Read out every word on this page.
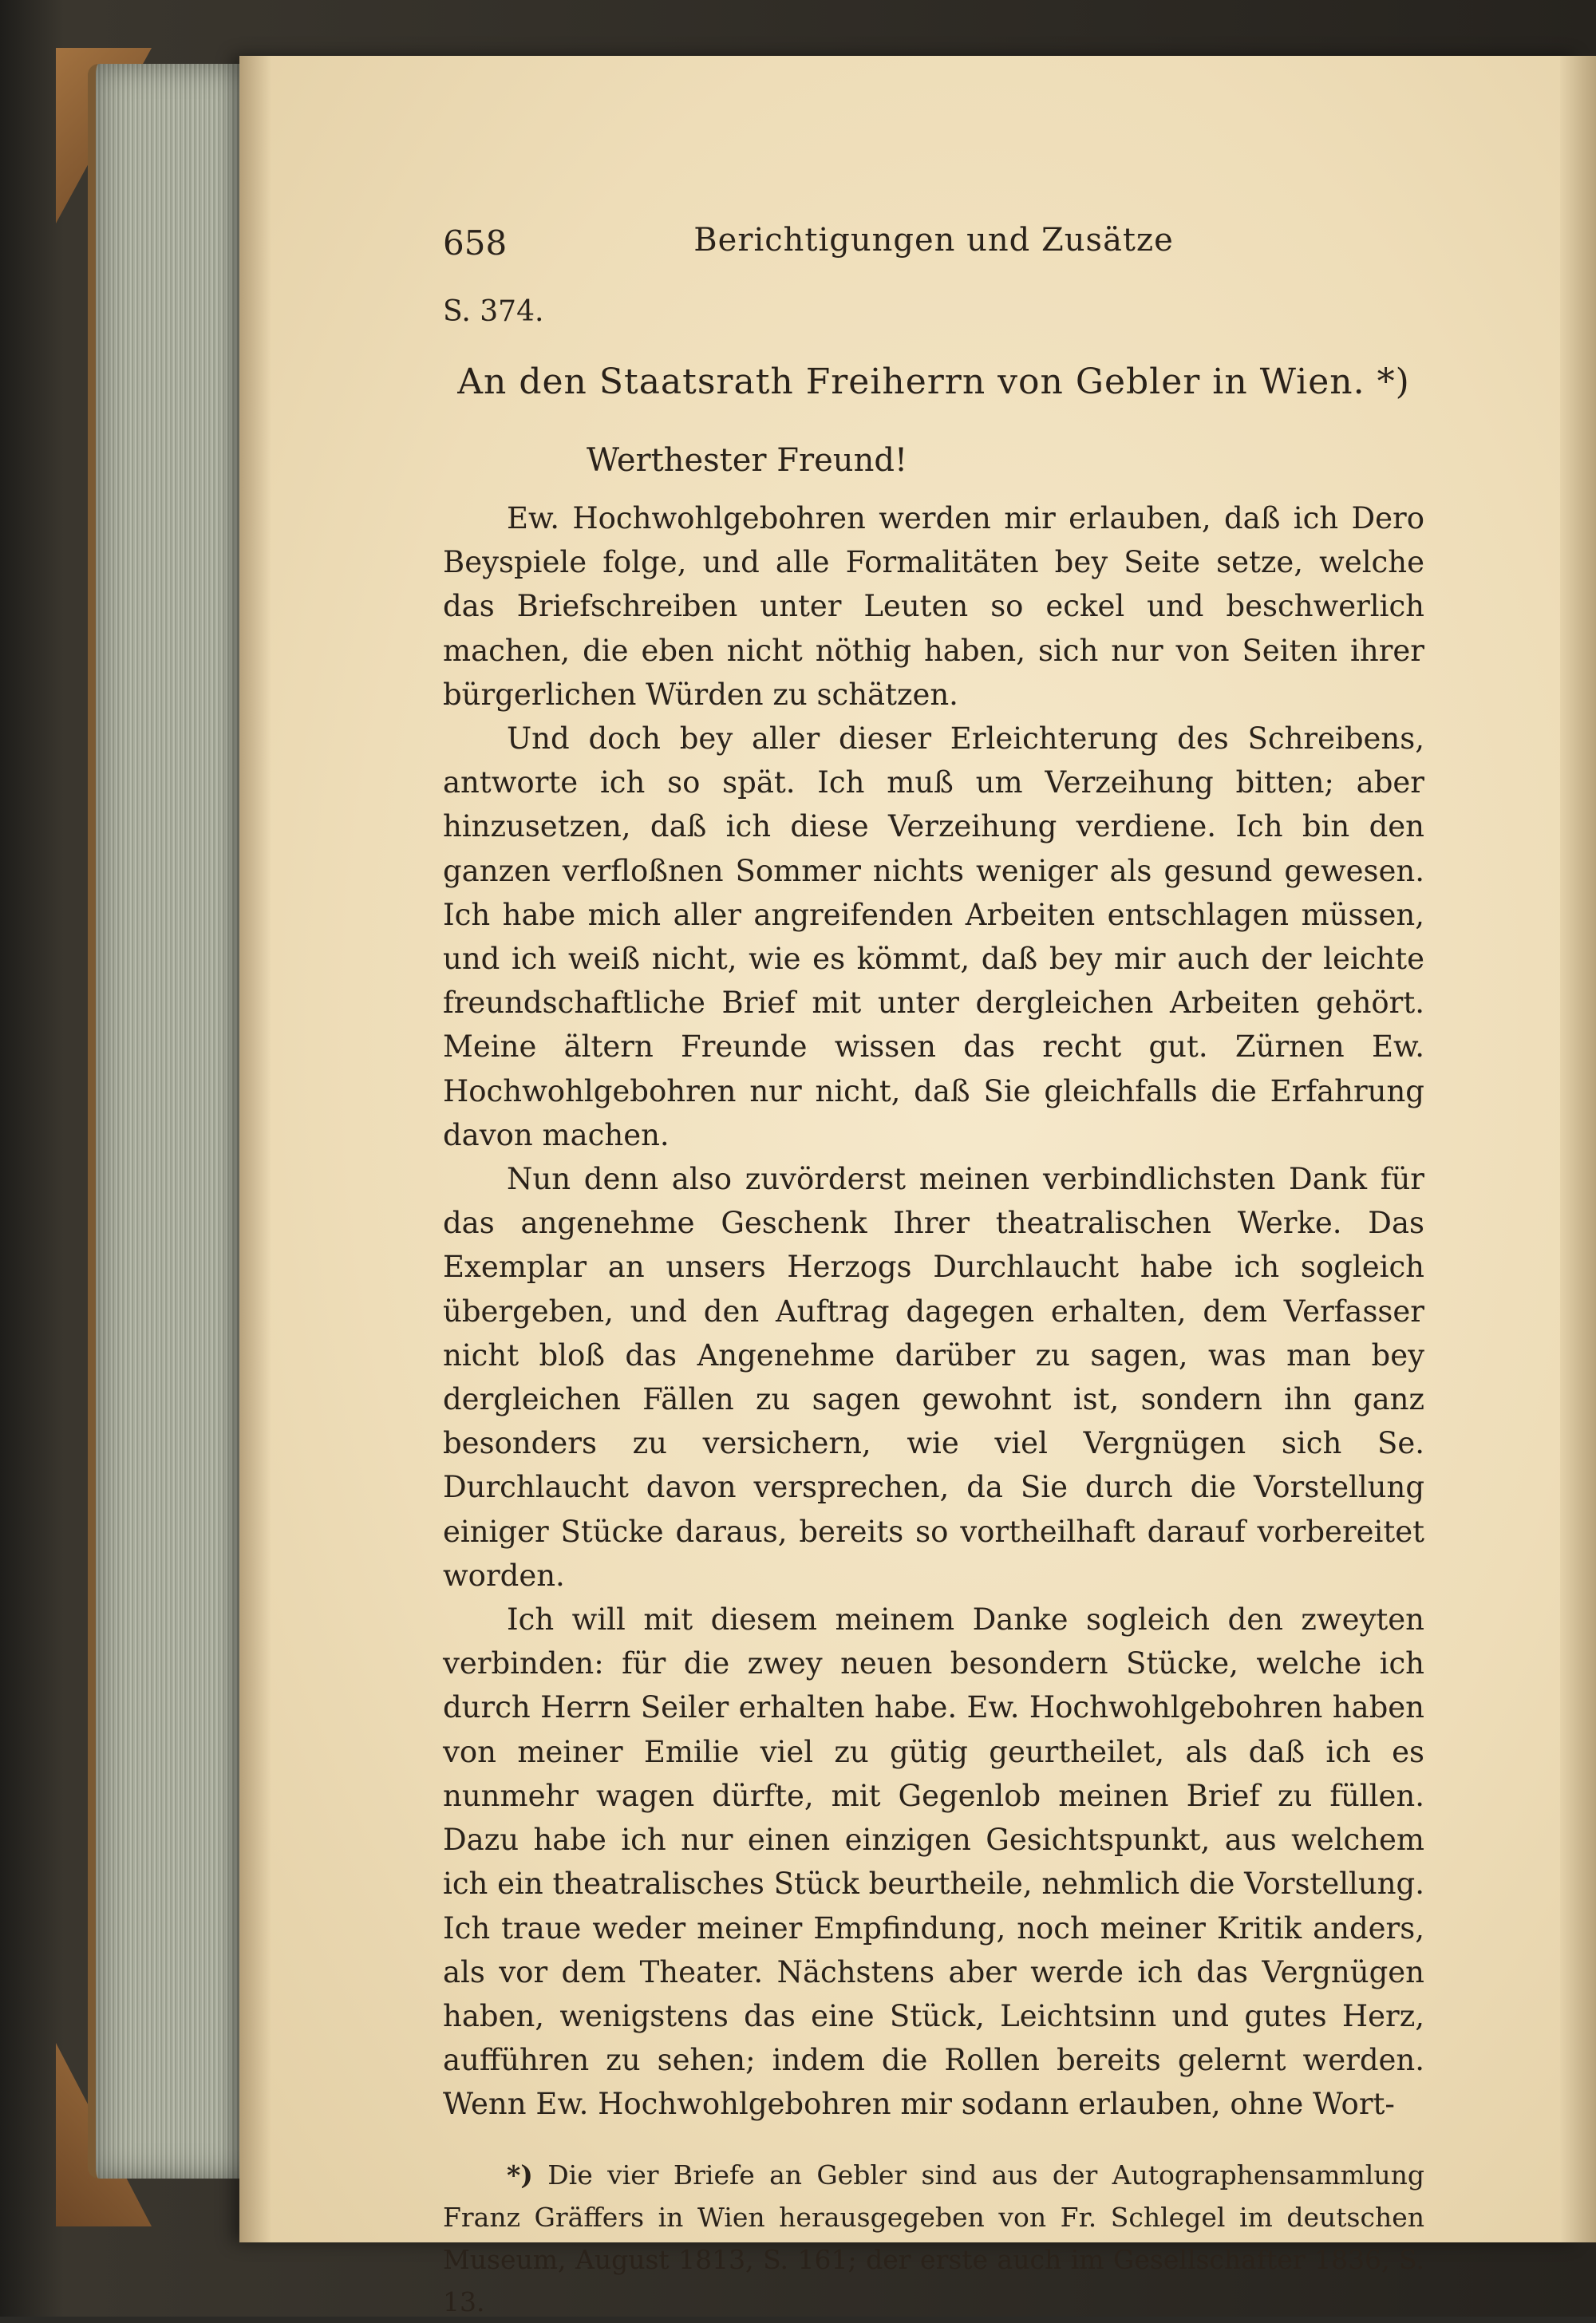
658	Berichtigungen und Zusätze
S. 374.
An den Staatsrath Freiherrn von Gebler in Wien. *)
Werthester Freund!

Ew. Hochwohlgebohren werden mir erlauben, daß ich Dero Beyspiele folge, und alle Formalitäten bey Seite setze, welche das Briefschreiben unter Leuten so eckel und beschwerlich machen, die eben nicht nöthig haben, sich nur von Seiten ihrer bürgerlichen Würden zu schätzen.

Und doch bey aller dieser Erleichterung des Schreibens, antworte ich so spät. Ich muß um Verzeihung bitten; aber hinzusetzen, daß ich diese Verzeihung verdiene. Ich bin den ganzen verfloßnen Sommer nichts weniger als gesund gewesen. Ich habe mich aller angreifenden Arbeiten entschlagen müssen, und ich weiß nicht, wie es kömmt, daß bey mir auch der leichte freundschaftliche Brief mit unter dergleichen Arbeiten gehört. Meine ältern Freunde wissen das recht gut. Zürnen Ew. Hochwohlgebohren nur nicht, daß Sie gleichfalls die Erfahrung davon machen.

Nun denn also zuvörderst meinen verbindlichsten Dank für das angenehme Geschenk Ihrer theatralischen Werke. Das Exemplar an unsers Herzogs Durchlaucht habe ich sogleich übergeben, und den Auftrag dagegen erhalten, dem Verfasser nicht bloß das Angenehme darüber zu sagen, was man bey dergleichen Fällen zu sagen gewohnt ist, sondern ihn ganz besonders zu versichern, wie viel Vergnügen sich Se. Durchlaucht davon versprechen, da Sie durch die Vorstellung einiger Stücke daraus, bereits so vortheilhaft darauf vorbereitet worden.

Ich will mit diesem meinem Danke sogleich den zweyten verbinden: für die zwey neuen besondern Stücke, welche ich durch Herrn Seiler erhalten habe. Ew. Hochwohlgebohren haben von meiner Emilie viel zu gütig geurtheilet, als daß ich es nunmehr wagen dürfte, mit Gegenlob meinen Brief zu füllen. Dazu habe ich nur einen einzigen Gesichtspunkt, aus welchem ich ein theatralisches Stück beurtheile, nehmlich die Vorstellung. Ich traue weder meiner Empfindung, noch meiner Kritik anders, als vor dem Theater. Nächstens aber werde ich das Vergnügen haben, wenigstens das eine Stück, Leichtsinn und gutes Herz, aufführen zu sehen; indem die Rollen bereits gelernt werden. Wenn Ew. Hochwohlgebohren mir sodann erlauben, ohne Wort-

*) Die vier Briefe an Gebler sind aus der Autographensammlung Franz Gräffers in Wien herausgegeben von Fr. Schlegel im deutschen Museum, August 1813, S. 161; der erste auch im Gesellschafter 1836, S. 13.
